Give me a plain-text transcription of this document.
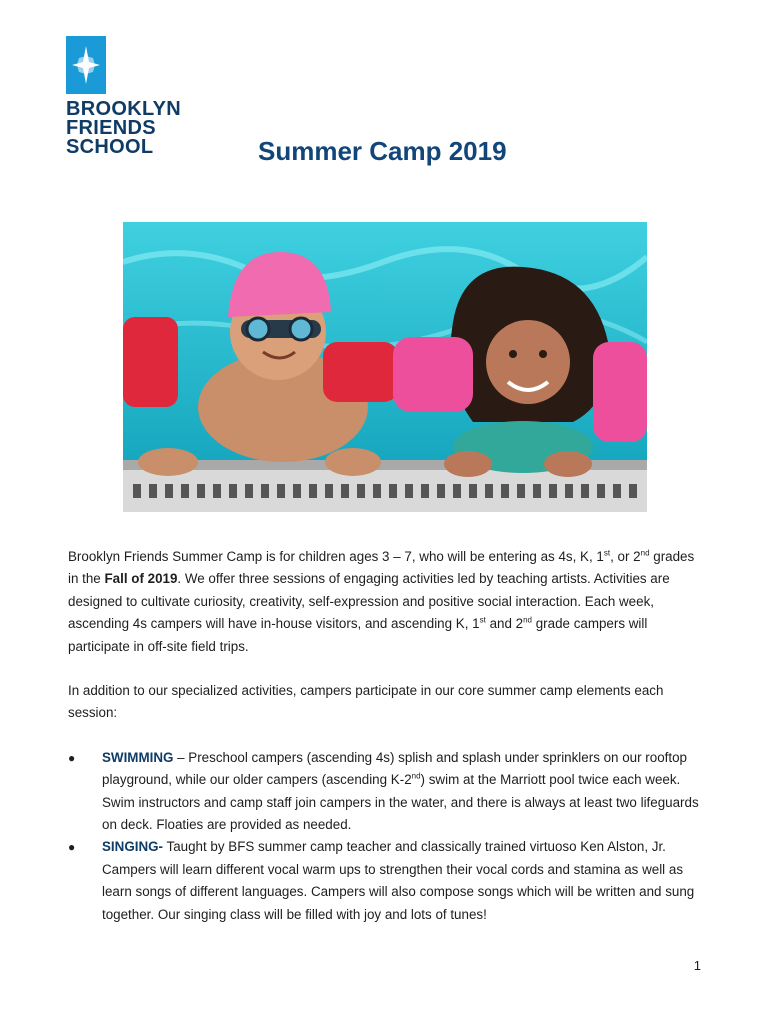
BROOKLYN
FRIENDS
SCHOOL	Summer Camp 2019

Brooklyn Friends Summer Camp is for children ages 3 – 7, who will be entering as 4s, K, 1st, or 2nd grades in the Fall of 2019. We offer three sessions of engaging activities led by teaching artists. Activities are designed to cultivate curiosity, creativity, self-expression and positive social interaction. Each week, ascending 4s campers will have in-house visitors, and ascending K, 1st and 2nd grade campers will participate in off-site field trips.

In addition to our specialized activities, campers participate in our core summer camp elements each session:

● SWIMMING – Preschool campers (ascending 4s) splish and splash under sprinklers on our rooftop playground, while our older campers (ascending K-2nd) swim at the Marriott pool twice each week. Swim instructors and camp staff join campers in the water, and there is always at least two lifeguards on deck. Floaties are provided as needed.
● SINGING- Taught by BFS summer camp teacher and classically trained virtuoso Ken Alston, Jr. Campers will learn different vocal warm ups to strengthen their vocal cords and stamina as well as learn songs of different languages. Campers will also compose songs which will be written and sung together. Our singing class will be filled with joy and lots of tunes!
1
